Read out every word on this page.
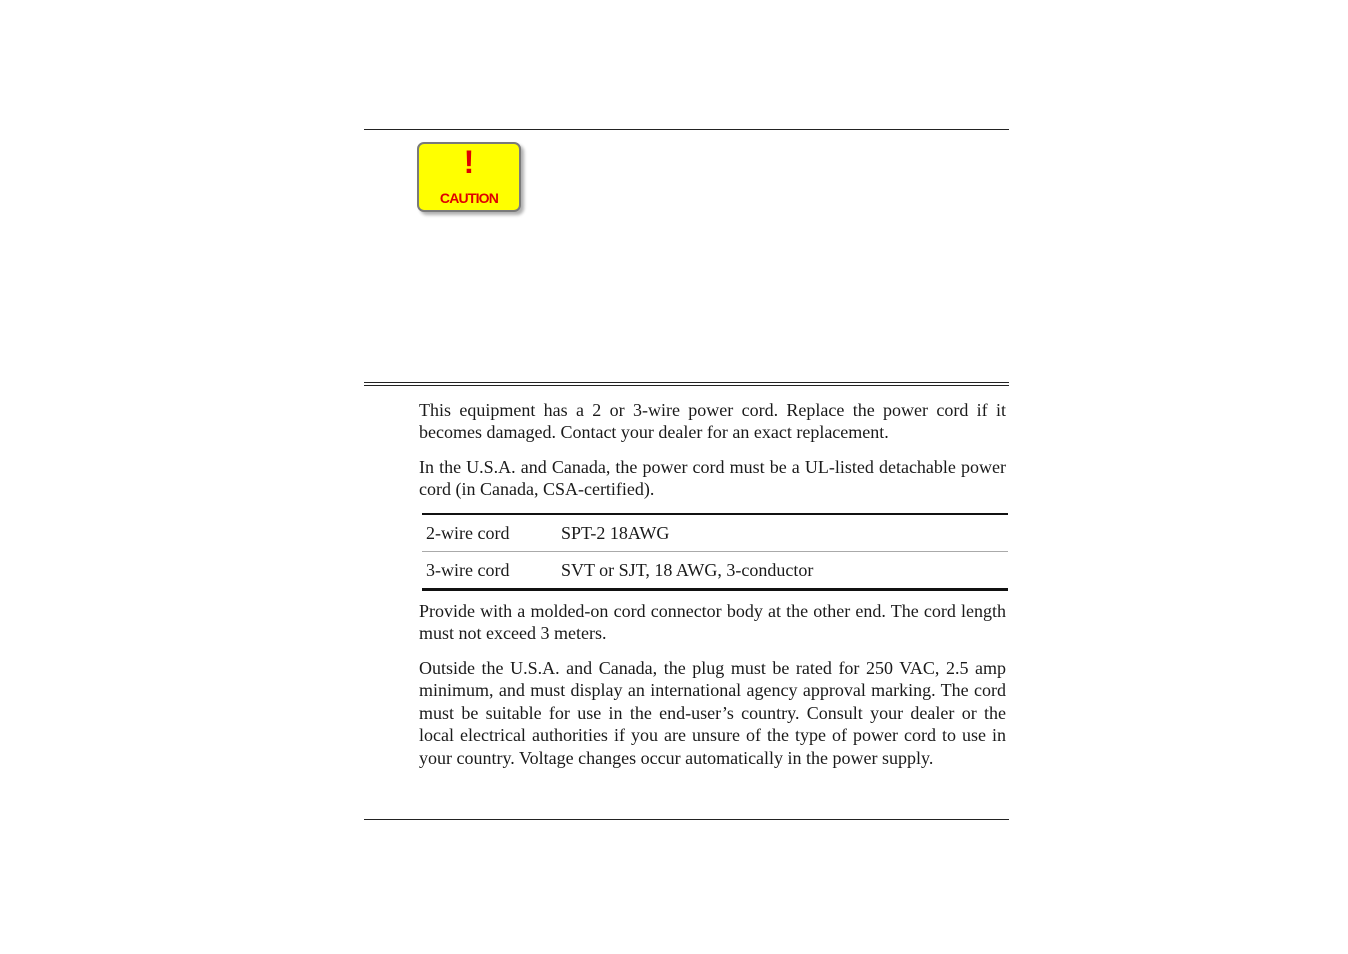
!
CAUTION

This equipment has a 2 or 3-wire power cord. Replace the power cord if it becomes damaged. Contact your dealer for an exact replacement.

In the U.S.A. and Canada, the power cord must be a UL-listed detachable power cord (in Canada, CSA-certified).

2-wire cord	SPT-2 18AWG
3-wire cord	SVT or SJT, 18 AWG, 3-conductor

Provide with a molded-on cord connector body at the other end. The cord length must not exceed 3 meters.

Outside the U.S.A. and Canada, the plug must be rated for 250 VAC, 2.5 amp minimum, and must display an international agency approval marking. The cord must be suitable for use in the end-user’s country. Consult your dealer or the local electrical authorities if you are unsure of the type of power cord to use in your country. Voltage changes occur automatically in the power supply.
